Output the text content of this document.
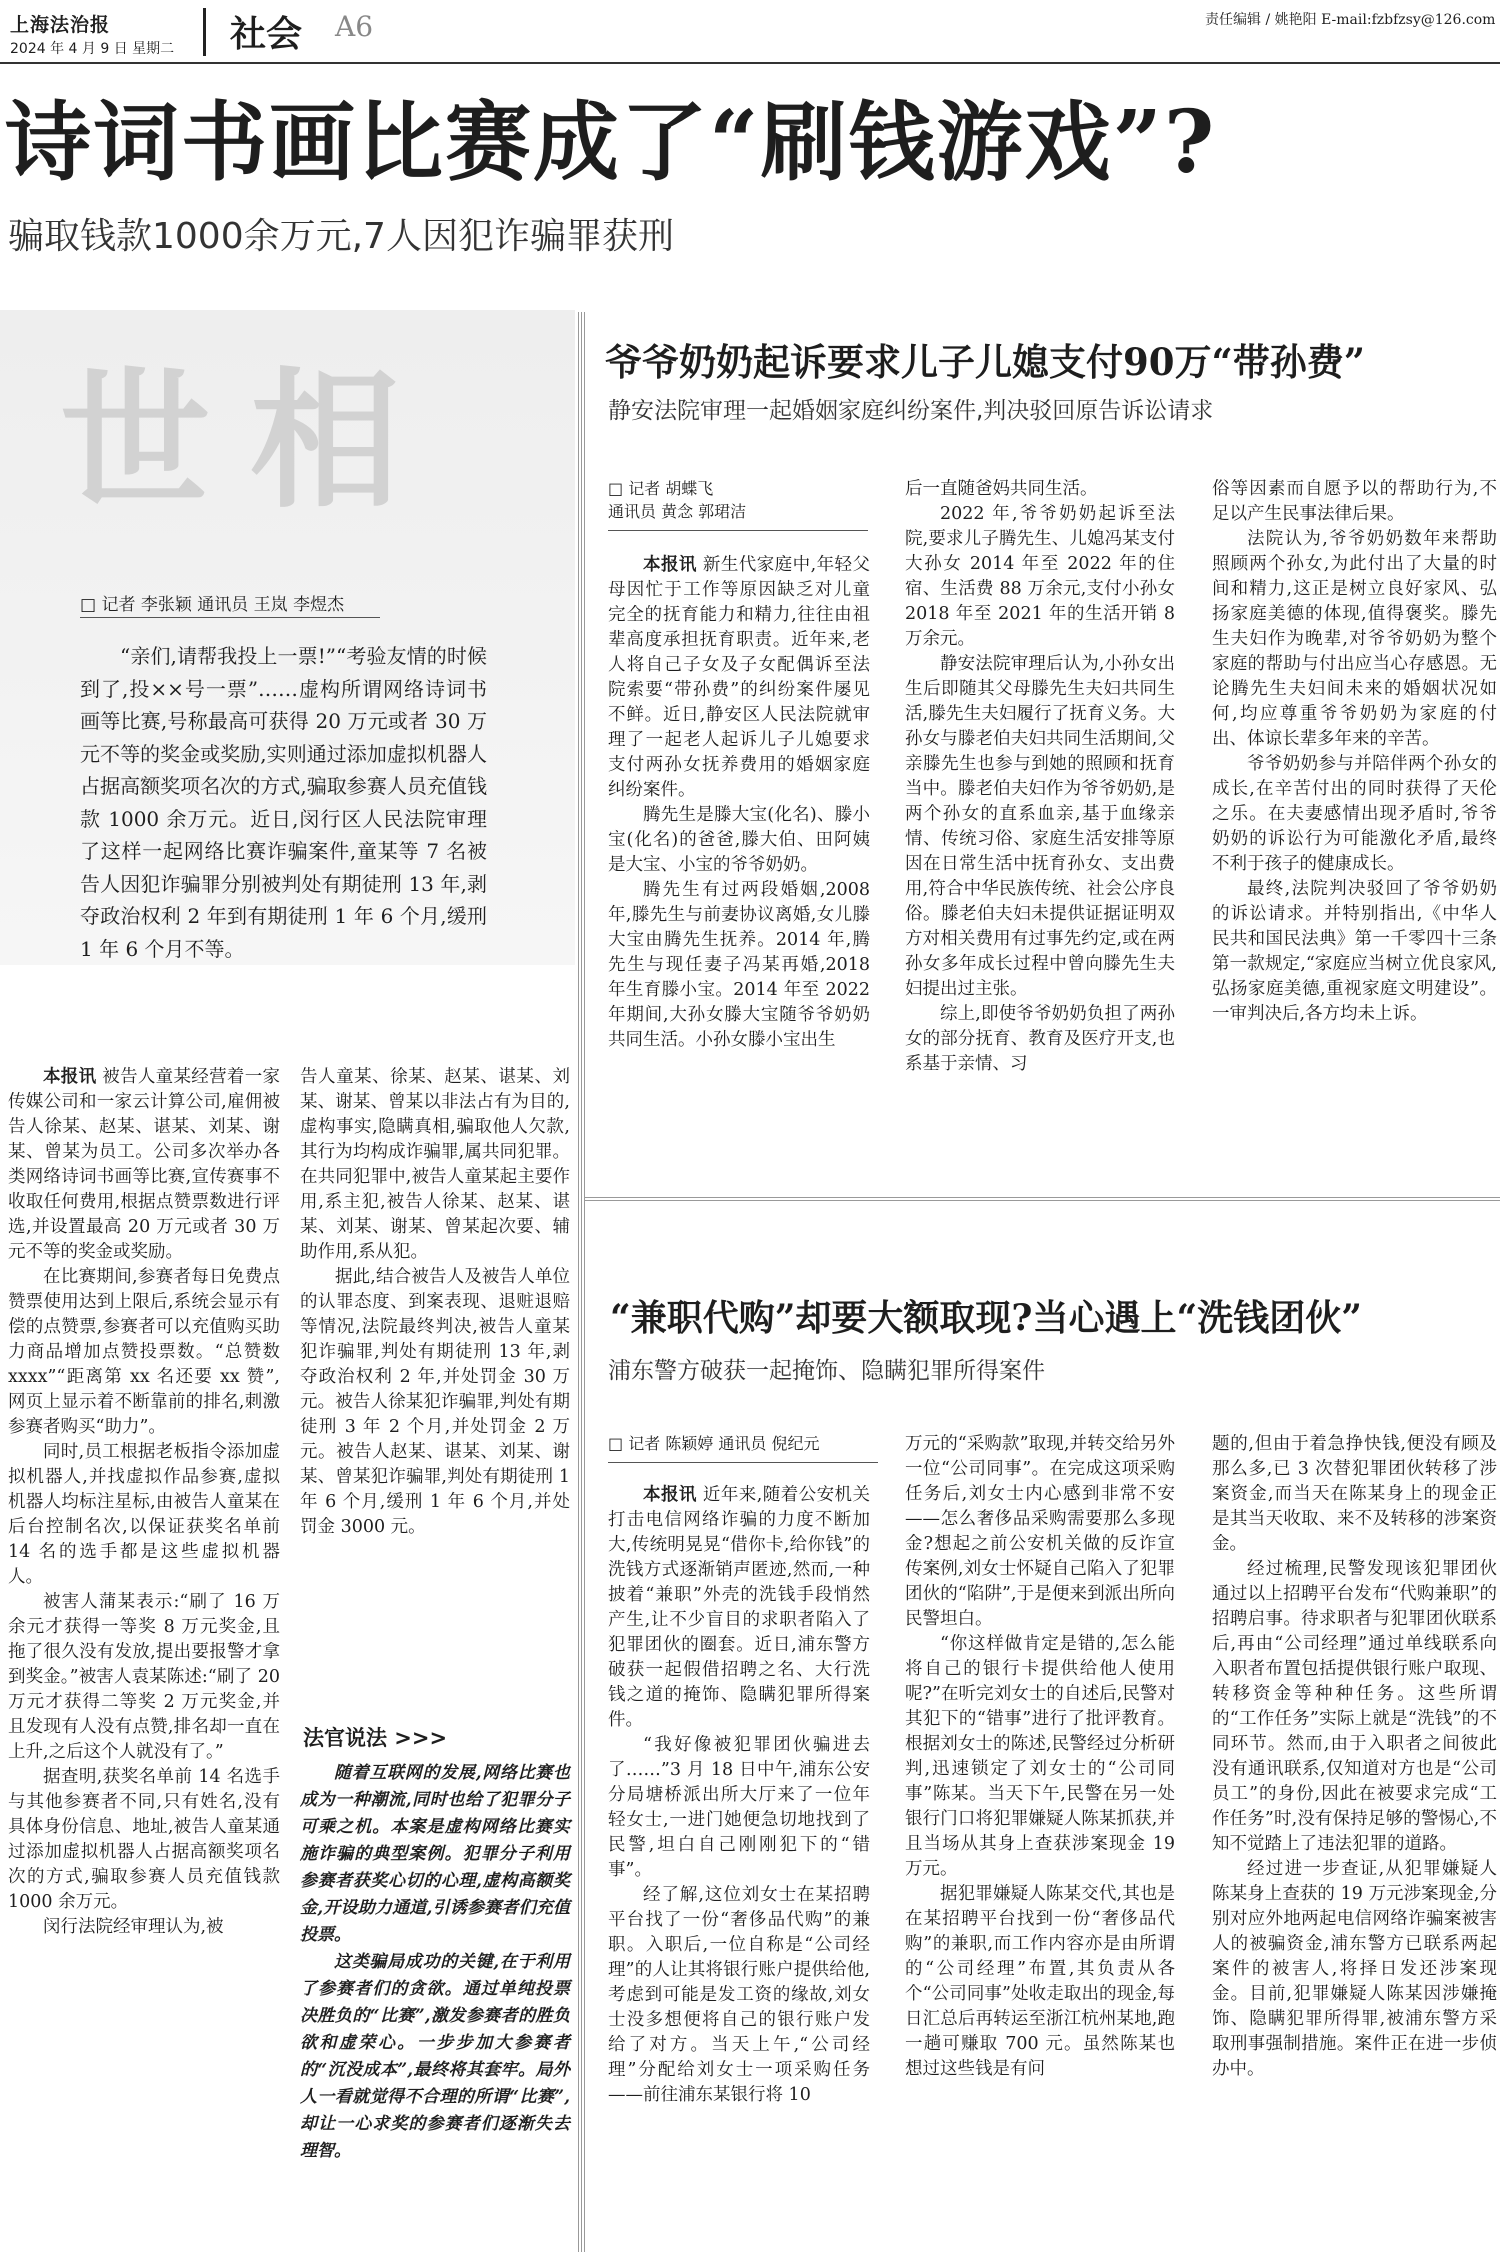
上海法治报
2024 年 4 月 9 日 星期二 社会 A6	责任编辑 / 姚艳阳 E-mail:fzbfzsy@126.com
诗词书画比赛成了“刷钱游戏”?
骗取钱款1000余万元,7人因犯诈骗罪获刑
世相
□ 记者 李张颖 通讯员 王岚 李煜杰

“亲们,请帮我投上一票!”“考验友情的时候到了,投××号一票”……虚构所谓网络诗词书画等比赛,号称最高可获得 20 万元或者 30 万元不等的奖金或奖励,实则通过添加虚拟机器人占据高额奖项名次的方式,骗取参赛人员充值钱款 1000 余万元。近日,闵行区人民法院审理了这样一起网络比赛诈骗案件,童某等 7 名被告人因犯诈骗罪分别被判处有期徒刑 13 年,剥夺政治权利 2 年到有期徒刑 1 年 6 个月,缓刑 1 年 6 个月不等。

本报讯 被告人童某经营着一家传媒公司和一家云计算公司,雇佣被告人徐某、赵某、谌某、刘某、谢某、曾某为员工。公司多次举办各类网络诗词书画等比赛,宣传赛事不收取任何费用,根据点赞票数进行评选,并设置最高 20 万元或者 30 万元不等的奖金或奖励。

在比赛期间,参赛者每日免费点赞票使用达到上限后,系统会显示有偿的点赞票,参赛者可以充值购买助力商品增加点赞投票数。“总赞数 xxxx”“距离第 xx 名还要 xx 赞”,网页上显示着不断靠前的排名,刺激参赛者购买“助力”。

同时,员工根据老板指令添加虚拟机器人,并找虚拟作品参赛,虚拟机器人均标注星标,由被告人童某在后台控制名次,以保证获奖名单前 14 名的选手都是这些虚拟机器人。

被害人蒲某表示:“刷了 16 万余元才获得一等奖 8 万元奖金,且拖了很久没有发放,提出要报警才拿到奖金。”被害人袁某陈述:“刷了 20 万元才获得二等奖 2 万元奖金,并且发现有人没有点赞,排名却一直在上升,之后这个人就没有了。”

据查明,获奖名单前 14 名选手与其他参赛者不同,只有姓名,没有具体身份信息、地址,被告人童某通过添加虚拟机器人占据高额奖项名次的方式,骗取参赛人员充值钱款 1000 余万元。

闵行法院经审理认为,被

告人童某、徐某、赵某、谌某、刘某、谢某、曾某以非法占有为目的,虚构事实,隐瞒真相,骗取他人欠款,其行为均构成诈骗罪,属共同犯罪。在共同犯罪中,被告人童某起主要作用,系主犯,被告人徐某、赵某、谌某、刘某、谢某、曾某起次要、辅助作用,系从犯。

据此,结合被告人及被告人单位的认罪态度、到案表现、退赃退赔等情况,法院最终判决,被告人童某犯诈骗罪,判处有期徒刑 13 年,剥夺政治权利 2 年,并处罚金 30 万元。被告人徐某犯诈骗罪,判处有期徒刑 3 年 2 个月,并处罚金 2 万元。被告人赵某、谌某、刘某、谢某、曾某犯诈骗罪,判处有期徒刑 1 年 6 个月,缓刑 1 年 6 个月,并处罚金 3000 元。

法官说法 >>>

随着互联网的发展,网络比赛也成为一种潮流,同时也给了犯罪分子可乘之机。本案是虚构网络比赛实施诈骗的典型案例。犯罪分子利用参赛者获奖心切的心理,虚构高额奖金,开设助力通道,引诱参赛者们充值投票。

这类骗局成功的关键,在于利用了参赛者们的贪欲。通过单纯投票决胜负的“比赛”,激发参赛者的胜负欲和虚荣心。一步步加大参赛者的“沉没成本”,最终将其套牢。局外人一看就觉得不合理的所谓“比赛”,却让一心求奖的参赛者们逐渐失去理智。

爷爷奶奶起诉要求儿子儿媳支付90万“带孙费”
静安法院审理一起婚姻家庭纠纷案件,判决驳回原告诉讼请求
□ 记者 胡蝶飞
通讯员 黄念 郭珺洁

本报讯 新生代家庭中,年轻父母因忙于工作等原因缺乏对儿童完全的抚育能力和精力,往往由祖辈高度承担抚育职责。近年来,老人将自己子女及子女配偶诉至法院索要“带孙费”的纠纷案件屡见不鲜。近日,静安区人民法院就审理了一起老人起诉儿子儿媳要求支付两孙女抚养费用的婚姻家庭纠纷案件。

腾先生是滕大宝(化名)、滕小宝(化名)的爸爸,滕大伯、田阿姨是大宝、小宝的爷爷奶奶。

腾先生有过两段婚姻,2008 年,滕先生与前妻协议离婚,女儿滕大宝由腾先生抚养。2014 年,腾先生与现任妻子冯某再婚,2018 年生育滕小宝。2014 年至 2022 年期间,大孙女滕大宝随爷爷奶奶共同生活。小孙女滕小宝出生

后一直随爸妈共同生活。

2022 年,爷爷奶奶起诉至法院,要求儿子腾先生、儿媳冯某支付大孙女 2014 年至 2022 年的住宿、生活费 88 万余元,支付小孙女 2018 年至 2021 年的生活开销 8 万余元。

静安法院审理后认为,小孙女出生后即随其父母滕先生夫妇共同生活,滕先生夫妇履行了抚育义务。大孙女与滕老伯夫妇共同生活期间,父亲滕先生也参与到她的照顾和抚育当中。滕老伯夫妇作为爷爷奶奶,是两个孙女的直系血亲,基于血缘亲情、传统习俗、家庭生活安排等原因在日常生活中抚育孙女、支出费用,符合中华民族传统、社会公序良俗。滕老伯夫妇未提供证据证明双方对相关费用有过事先约定,或在两孙女多年成长过程中曾向滕先生夫妇提出过主张。

综上,即使爷爷奶奶负担了两孙女的部分抚育、教育及医疗开支,也系基于亲情、习

俗等因素而自愿予以的帮助行为,不足以产生民事法律后果。

法院认为,爷爷奶奶数年来帮助照顾两个孙女,为此付出了大量的时间和精力,这正是树立良好家风、弘扬家庭美德的体现,值得褒奖。滕先生夫妇作为晚辈,对爷爷奶奶为整个家庭的帮助与付出应当心存感恩。无论腾先生夫妇间未来的婚姻状况如何,均应尊重爷爷奶奶为家庭的付出、体谅长辈多年来的辛苦。

爷爷奶奶参与并陪伴两个孙女的成长,在辛苦付出的同时获得了天伦之乐。在夫妻感情出现矛盾时,爷爷奶奶的诉讼行为可能激化矛盾,最终不利于孩子的健康成长。

最终,法院判决驳回了爷爷奶奶的诉讼请求。并特别指出,《中华人民共和国民法典》第一千零四十三条第一款规定,“家庭应当树立优良家风,弘扬家庭美德,重视家庭文明建设”。一审判决后,各方均未上诉。

“兼职代购”却要大额取现?当心遇上“洗钱团伙”
浦东警方破获一起掩饰、隐瞒犯罪所得案件
□ 记者 陈颖婷 通讯员 倪纪元

本报讯 近年来,随着公安机关打击电信网络诈骗的力度不断加大,传统明晃晃“借你卡,给你钱”的洗钱方式逐渐销声匿迹,然而,一种披着“兼职”外壳的洗钱手段悄然产生,让不少盲目的求职者陷入了犯罪团伙的圈套。近日,浦东警方破获一起假借招聘之名、大行洗钱之道的掩饰、隐瞒犯罪所得案件。

“我好像被犯罪团伙骗进去了……”3 月 18 日中午,浦东公安分局塘桥派出所大厅来了一位年轻女士,一进门她便急切地找到了民警,坦白自己刚刚犯下的“错事”。

经了解,这位刘女士在某招聘平台找了一份“奢侈品代购”的兼职。入职后,一位自称是“公司经理”的人让其将银行账户提供给他,考虑到可能是发工资的缘故,刘女士没多想便将自己的银行账户发给了对方。当天上午,“公司经理”分配给刘女士一项采购任务——前往浦东某银行将 10

万元的“采购款”取现,并转交给另外一位“公司同事”。在完成这项采购任务后,刘女士内心感到非常不安——怎么奢侈品采购需要那么多现金?想起之前公安机关做的反诈宣传案例,刘女士怀疑自己陷入了犯罪团伙的“陷阱”,于是便来到派出所向民警坦白。

“你这样做肯定是错的,怎么能将自己的银行卡提供给他人使用呢?”在听完刘女士的自述后,民警对其犯下的“错事”进行了批评教育。根据刘女士的陈述,民警经过分析研判,迅速锁定了刘女士的“公司同事”陈某。当天下午,民警在另一处银行门口将犯罪嫌疑人陈某抓获,并且当场从其身上查获涉案现金 19 万元。

据犯罪嫌疑人陈某交代,其也是在某招聘平台找到一份“奢侈品代购”的兼职,而工作内容亦是由所谓的“公司经理”布置,其负责从各个“公司同事”处收走取出的现金,每日汇总后再转运至浙江杭州某地,跑一趟可赚取 700 元。虽然陈某也想过这些钱是有问

题的,但由于着急挣快钱,便没有顾及那么多,已 3 次替犯罪团伙转移了涉案资金,而当天在陈某身上的现金正是其当天收取、来不及转移的涉案资金。

经过梳理,民警发现该犯罪团伙通过以上招聘平台发布“代购兼职”的招聘启事。待求职者与犯罪团伙联系后,再由“公司经理”通过单线联系向入职者布置包括提供银行账户取现、转移资金等种种任务。这些所谓的“工作任务”实际上就是“洗钱”的不同环节。然而,由于入职者之间彼此没有通讯联系,仅知道对方也是“公司员工”的身份,因此在被要求完成“工作任务”时,没有保持足够的警惕心,不知不觉踏上了违法犯罪的道路。

经过进一步查证,从犯罪嫌疑人陈某身上查获的 19 万元涉案现金,分别对应外地两起电信网络诈骗案被害人的被骗资金,浦东警方已联系两起案件的被害人,将择日发还涉案现金。目前,犯罪嫌疑人陈某因涉嫌掩饰、隐瞒犯罪所得罪,被浦东警方采取刑事强制措施。案件正在进一步侦办中。
